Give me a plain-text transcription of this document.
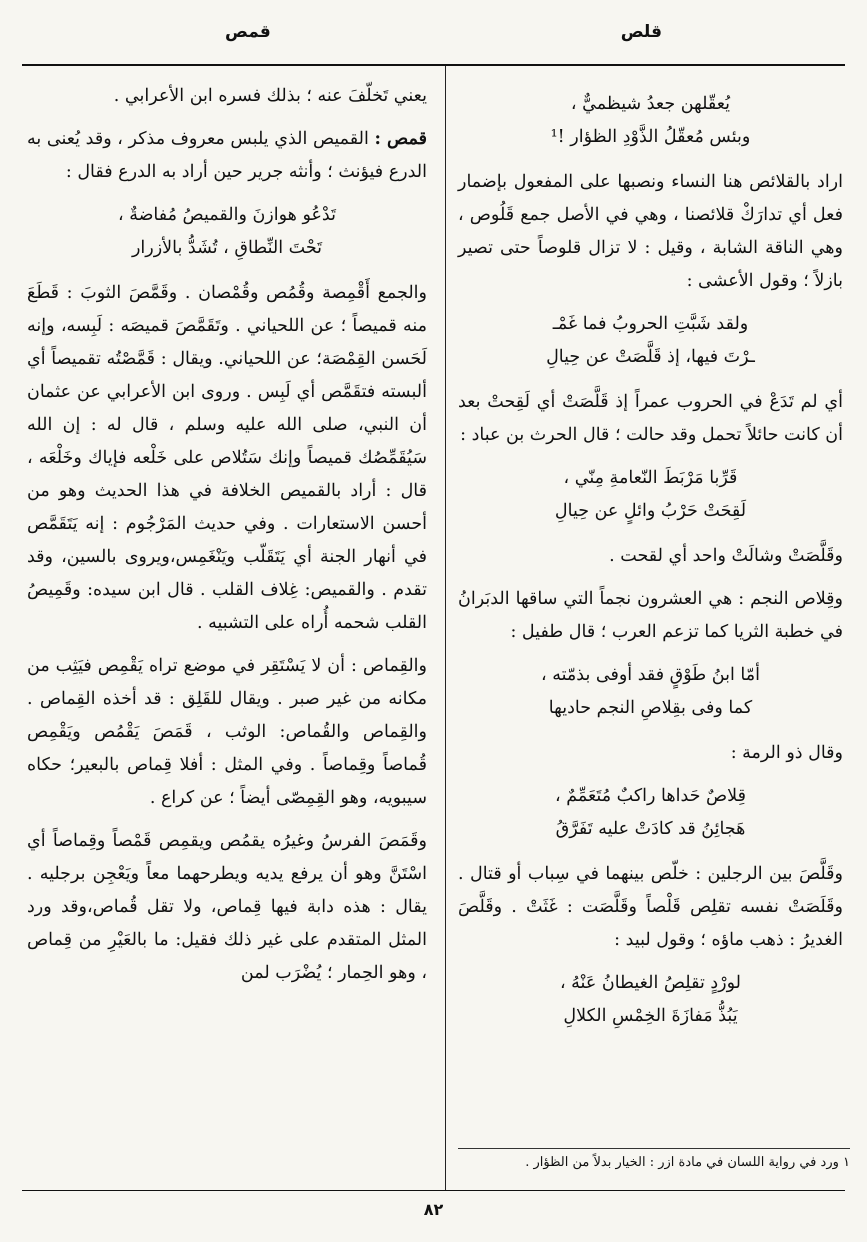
قلص
قمص
يُعقّلهن جعدُ شيظميٌّ ،
وبئس مُعقّلُ الذَّوْدِ الظؤار !¹

اراد بالقلائص هنا النساء ونصبها على المفعول بإضمار فعل أي تدارَكْ قلائصنا ، وهي في الأصل جمع قَلُوص ، وهي الناقة الشابة ، وقيل : لا تزال قلوصاً حتى تصير بازلاً ؛ وقول الأعشى :

ولقد شَبَّتِ الحروبُ فما غَمْـ
ـرْتَ فيها، إذ قَلَّصَتْ عن حِيالِ

أي لم تَدَعْ في الحروب عمراً إذ قَلَّصَتْ أي لَقِحتْ بعد أن كانت حائلاً تحمل وقد حالت ؛ قال الحرث بن عباد :

قَرِّبا مَرْبَطَ النّعامةِ مِنّي ،
لَقِحَتْ حَرْبُ وائلٍ عن حِيالِ

وقَلَّصَتْ وشالَتْ واحد أي لقحت .

وقِلاص النجم : هي العشرون نجماً التي ساقها الدبَرانُ في خطبة الثريا كما تزعم العرب ؛ قال طفيل :

أمّا ابنُ طَوْقٍ فقد أوفى بذمّته ،
كما وفى بقِلاصِ النجم حاديها

وقال ذو الرمة :

قِلاصٌ حَداها راكبٌ مُتَعَمِّمٌ ،
هَجائِنُ قد كادَتْ عليه تَفَرَّقُ

وقَلَّصَ بين الرجلين : خلّص بينهما في سِباب أو قتال . وقَلَصَتْ نفسه تقلِص قَلْصاً وقَلَّصَت : غَثَتْ . وقَلَّصَ الغديرُ : ذهب ماؤه ؛ وقول لبيد :

لورْدٍ تقلِصُ الغيطانُ عَنْهُ ،
يَبُذُّ مَفازَةَ الخِمْسِ الكلالِ
١ ورد في رواية اللسان في مادة ازر : الخيار بدلاً من الظؤار .

يعني تَخلّفَ عنه ؛ بذلك فسره ابن الأعرابي .

قمص : القميص الذي يلبس معروف مذكر ، وقد يُعنى به الدرع فيؤنث ؛ وأنثه جرير حين أراد به الدرع فقال :

تَدْعُو هوازنَ والقميصُ مُفاضةٌ ،
تَحْتَ النِّطاقِ ، تُشَدُّ بالأزرار

والجمع أَقْمِصة وقُمُص وقُمْصان . وقَمَّصَ الثوبَ : قَطَعَ منه قميصاً ؛ عن اللحياني . وتَقَمَّصَ قميصَه : لَبِسه، وإنه لَحَسن القِمْصَة؛ عن اللحياني. ويقال : قَمَّصْتُه تقميصاً أي ألبسته فتقَمَّص أي لَبِس . وروى ابن الأعرابي عن عثمان أن النبي، صلى الله عليه وسلم ، قال له : إن الله سَيُقَمِّصُك قميصاً وإنك سَتُلاص على خَلْعه فإياك وخَلْعَه ، قال : أراد بالقميص الخلافة في هذا الحديث وهو من أحسن الاستعارات . وفي حديث المَرْجُوم : إنه يَتَقَمَّص في أنهار الجنة أي يَتَقَلّب ويَنْغَمِس،ويروى بالسين، وقد تقدم . والقميص: غِلاف القلب . قال ابن سيده: وقَمِيصُ القلب شحمه أُراه على التشبيه .

والقِماص : أن لا يَسْتَقِر في موضع تراه يَقْمِص فيَثِب من مكانه من غير صبر . ويقال للقَلِق : قد أخذه القِماص . والقِماص والقُماص: الوثب ، قَمَصَ يَقْمُص ويَقْمِص قُماصاً وقِماصاً . وفي المثل : أفلا قِماص بالبعير؛ حكاه سيبويه، وهو القِمِصّى أيضاً ؛ عن كراع .

وقَمَصَ الفرسُ وغيرُه يقمُص ويقمِص قَمْصاً وقِماصاً أي اسْتَنَّ وهو أن يرفع يديه ويطرحهما معاً ويَعْجِن برجليه . يقال : هذه دابة فيها قِماص، ولا تقل قُماص،وقد ورد المثل المتقدم على غير ذلك فقيل: ما بالعَيْرِ من قِماص ، وهو الحِمار ؛ يُضْرَب لمن

٨٢
